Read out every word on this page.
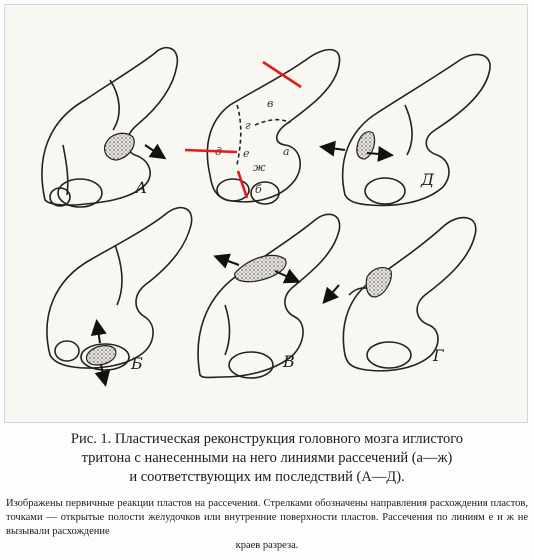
А
в
г
е	а
ж
б
Д
Б	В	Г
Рис. 1. Пластическая реконструкция головного мозга иглистого
тритона с нанесенными на него линиями рассечений (а—ж)
и соответствующих им последствий (А—Д).
Изображены первичные реакции пластов на рассечения. Стрелками обозначены направления расхождения пластов, точками — открытые полости желудочков или внутренние поверхности пластов. Рассечения по линиям е и ж не вызывали расхождение
краев разреза.
